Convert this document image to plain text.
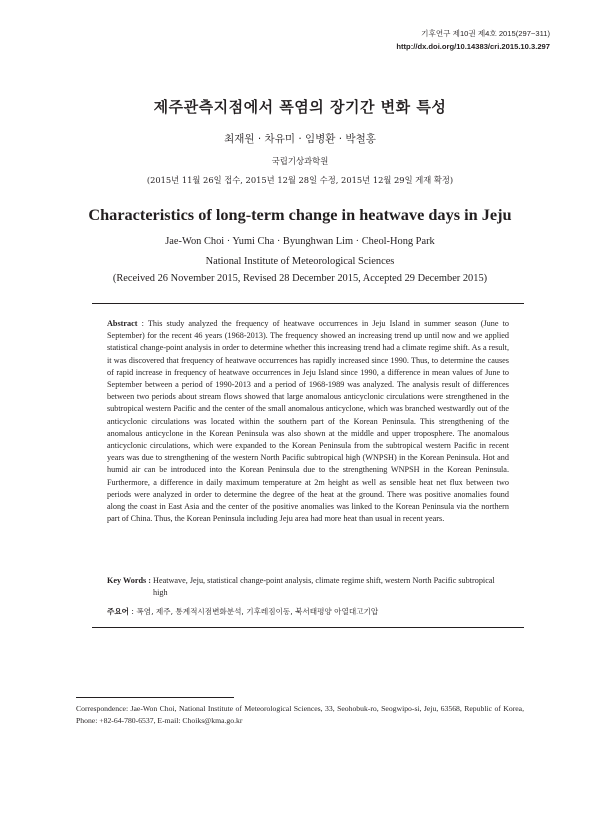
기후연구 제10권 제4호 2015(297~311)
http://dx.doi.org/10.14383/cri.2015.10.3.297
제주관측지점에서 폭염의 장기간 변화 특성
최재원 · 차유미 · 임병환 · 박철홍
국립기상과학원
(2015년 11월 26일 접수, 2015년 12월 28일 수정, 2015년 12월 29일 게재 확정)
Characteristics of long-term change in heatwave days in Jeju
Jae-Won Choi · Yumi Cha · Byunghwan Lim · Cheol-Hong Park
National Institute of Meteorological Sciences
(Received 26 November 2015, Revised 28 December 2015, Accepted 29 December 2015)
Abstract : This study analyzed the frequency of heatwave occurrences in Jeju Island in summer season (June to September) for the recent 46 years (1968-2013). The frequency showed an increasing trend up until now and we applied statistical change-point analysis in order to determine whether this increasing trend had a climate regime shift. As a result, it was discovered that frequency of heatwave occurrences has rapidly increased since 1990. Thus, to determine the causes of rapid increase in frequency of heatwave occurrences in Jeju Island since 1990, a difference in mean values of June to September between a period of 1990-2013 and a period of 1968-1989 was analyzed. The analysis result of differences between two periods about stream flows showed that large anomalous anticyclonic circulations were strengthened in the subtropical western Pacific and the center of the small anomalous anticyclone, which was branched westwardly out of the anticyclonic circulations was located within the southern part of the Korean Peninsula. This strengthening of the anomalous anticyclone in the Korean Peninsula was also shown at the middle and upper troposphere. The anomalous anticyclonic circulations, which were expanded to the Korean Peninsula from the subtropical western Pacific in recent years was due to strengthening of the western North Pacific subtropical high (WNPSH) in the Korean Peninsula. Hot and humid air can be introduced into the Korean Peninsula due to the strengthening WNPSH in the Korean Peninsula. Furthermore, a difference in daily maximum temperature at 2m height as well as sensible heat net flux between two periods were analyzed in order to determine the degree of the heat at the ground. There was positive anomalies found along the coast in East Asia and the center of the positive anomalies was linked to the Korean Peninsula via the northern part of China. Thus, the Korean Peninsula including Jeju area had more heat than usual in recent years.
Key Words : Heatwave, Jeju, statistical change-point analysis, climate regime shift, western North Pacific subtropical high
주요어 : 폭염, 제주, 통계적시점변화분석, 기후레짐이동, 북서태평양 아열대고기압
Correspondence: Jae-Won Choi, National Institute of Meteorological Sciences, 33, Seohobuk-ro, Seogwipo-si, Jeju, 63568, Republic of Korea, Phone: +82-64-780-6537, E-mail: Choiks@kma.go.kr
